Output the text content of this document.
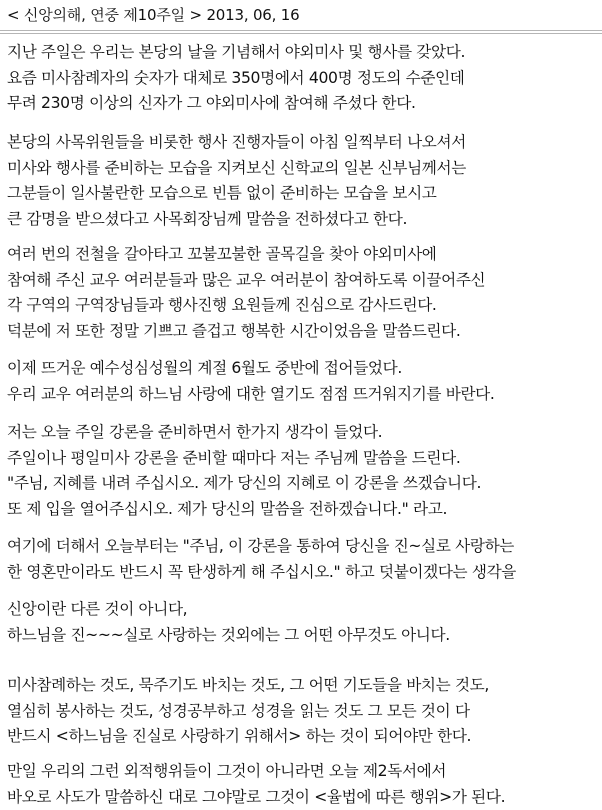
< 신앙의해, 연중 제10주일 > 2013, 06, 16
지난 주일은 우리는 본당의 날을 기념해서 야외미사 및 행사를 갖았다.
요즘 미사참례자의 숫자가 대체로 350명에서 400명 정도의 수준인데
무려 230명 이상의 신자가 그 야외미사에 참여해 주셨다 한다.
본당의 사목위원들을 비롯한 행사 진행자들이 아침 일찍부터 나오셔서
미사와 행사를 준비하는 모습을 지켜보신 신학교의 일본 신부님께서는
그분들이 일사불란한 모습으로 빈틈 없이 준비하는 모습을 보시고
큰 감명을 받으셨다고 사목회장님께 말씀을 전하셨다고 한다.
여러 번의 전철을 갈아타고 꼬불꼬불한 골목길을 찾아 야외미사에
참여해 주신 교우 여러분들과 많은 교우 여러분이 참여하도록 이끌어주신
각 구역의 구역장님들과 행사진행 요원들께 진심으로 감사드린다.
덕분에 저 또한 정말 기쁘고 즐겁고 행복한 시간이었음을 말씀드린다.
이제 뜨거운 예수성심성월의 계절 6월도 중반에 접어들었다.
우리 교우 여러분의 하느님 사랑에 대한 열기도 점점 뜨거워지기를 바란다.
저는 오늘 주일 강론을 준비하면서 한가지 생각이 들었다.
주일이나 평일미사 강론을 준비할 때마다 저는 주님께 말씀을 드린다.
"주님, 지혜를 내려 주십시오. 제가 당신의 지혜로 이 강론을 쓰겠습니다.
또 제 입을 열어주십시오. 제가 당신의 말씀을 전하겠습니다." 라고.
여기에 더해서 오늘부터는 "주님, 이 강론을 통하여 당신을 진~실로 사랑하는
한 영혼만이라도 반드시 꼭 탄생하게 해 주십시오." 하고 덧붙이겠다는 생각을
신앙이란 다른 것이 아니다,
하느님을 진~~~실로 사랑하는 것외에는 그 어떤 아무것도 아니다.
미사참례하는 것도, 묵주기도 바치는 것도, 그 어떤 기도들을 바치는 것도,
열심히 봉사하는 것도, 성경공부하고 성경을 읽는 것도 그 모든 것이 다
반드시 <하느님을 진실로 사랑하기 위해서> 하는 것이 되어야만 한다.
만일 우리의 그런 외적행위들이 그것이 아니라면 오늘 제2독서에서
바오로 사도가 말씀하신 대로 그야말로 그것이 <율법에 따른 행위>가 된다.
